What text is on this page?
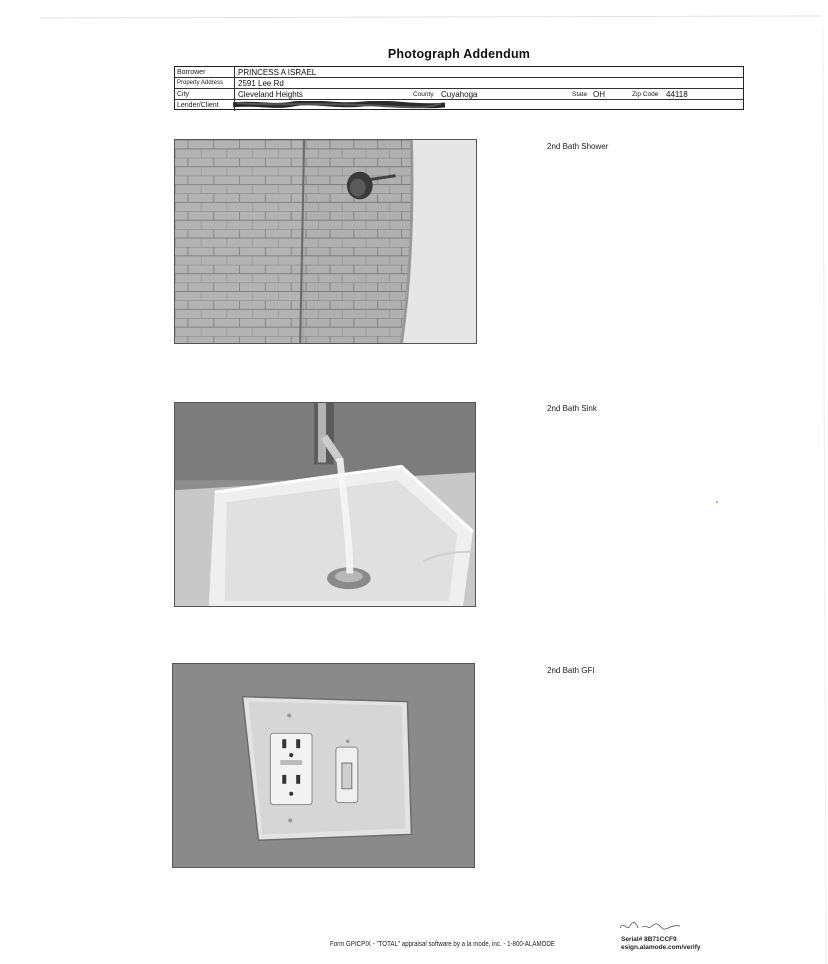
Photograph Addendum
Borrower	PRINCESS A ISRAEL
Property Address	2591 Lee Rd
City	Cleveland Heights	County Cuyahoga	State OH	Zip Code 44118
Lender/Client
2nd Bath Shower
2nd Bath Sink
2nd Bath GFI
Form GPICPIX - "TOTAL" appraisal software by a la mode, inc. - 1-800-ALAMODE	Serial# 8B71CCF9
esign.alamode.com/verify
